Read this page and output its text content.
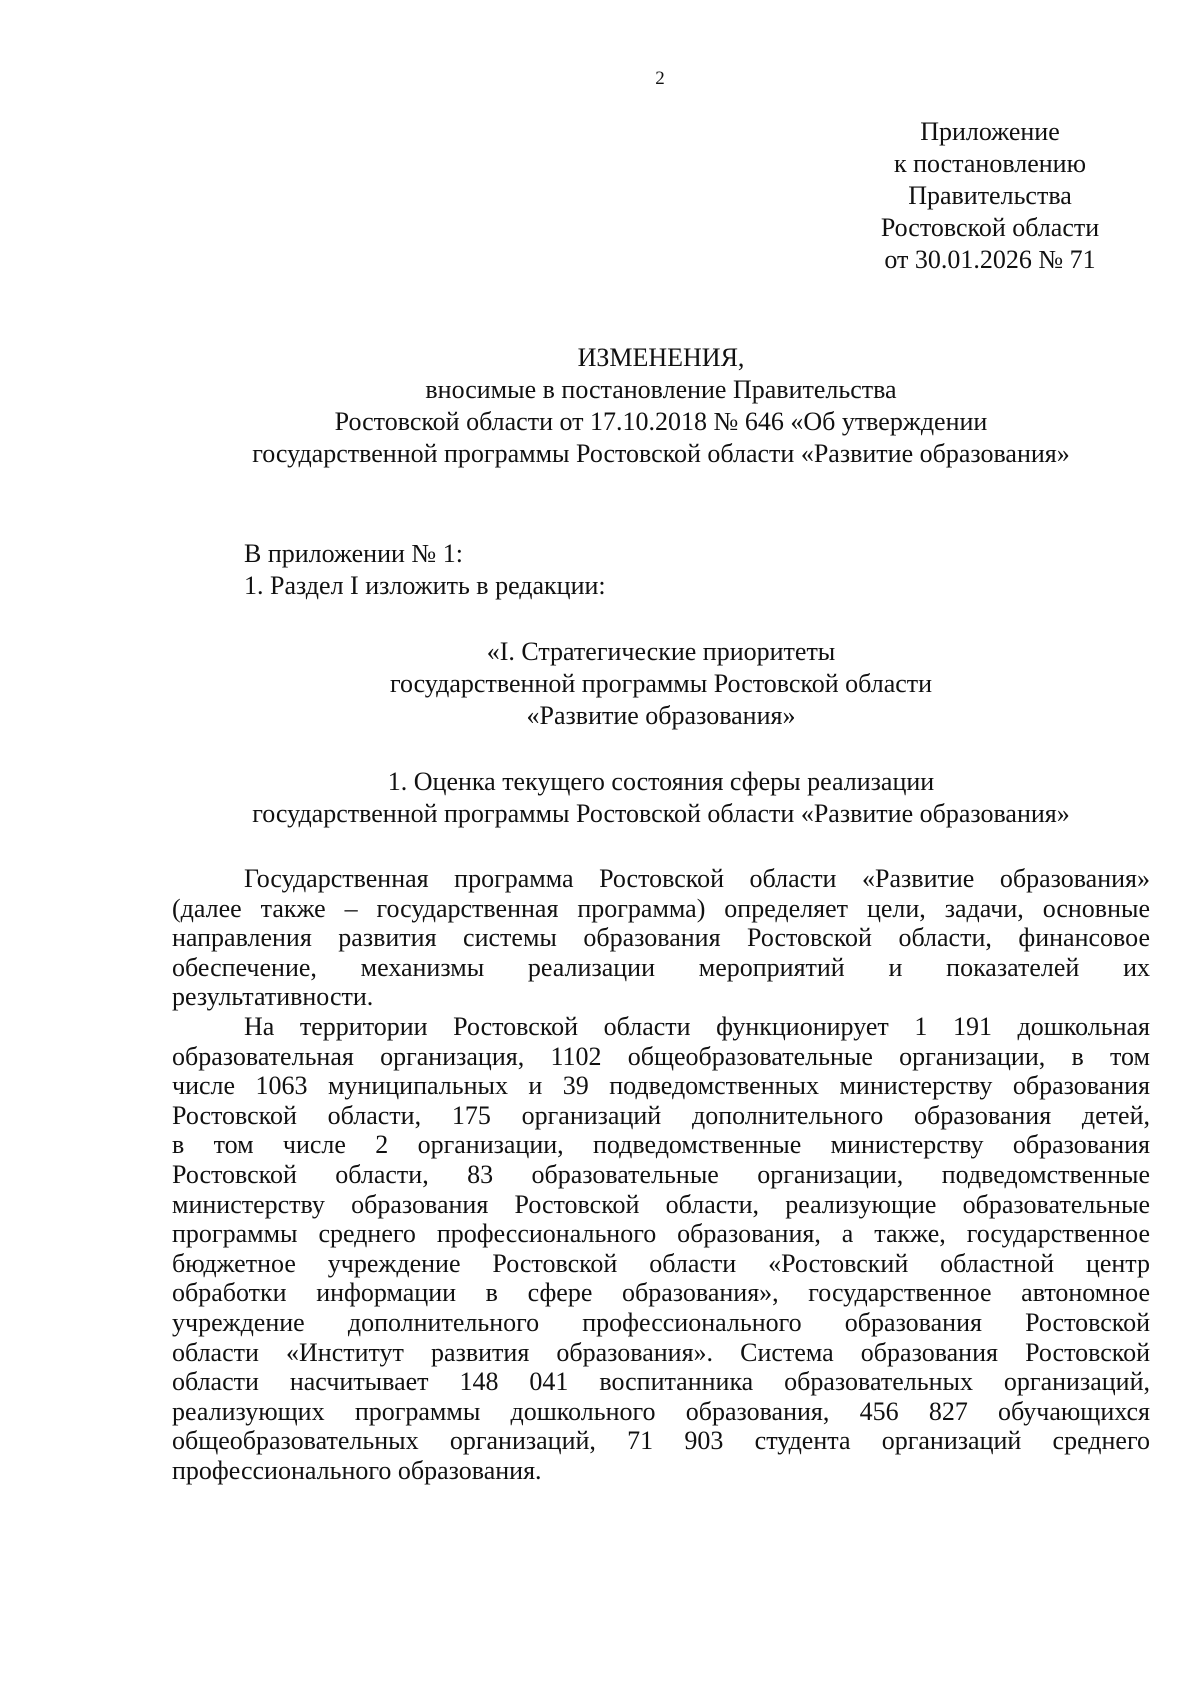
2
Приложение
к постановлению
Правительства
Ростовской области
от 30.01.2026 № 71
ИЗМЕНЕНИЯ,
вносимые в постановление Правительства
Ростовской области от 17.10.2018 № 646 «Об утверждении
государственной программы Ростовской области «Развитие образования»
В приложении № 1:
1. Раздел I изложить в редакции:
«I. Стратегические приоритеты
государственной программы Ростовской области
«Развитие образования»
1. Оценка текущего состояния сферы реализации
государственной программы Ростовской области «Развитие образования»
Государственная программа Ростовской области «Развитие образования»
(далее также – государственная программа) определяет цели, задачи, основные
направления развития системы образования Ростовской области, финансовое
обеспечение, механизмы реализации мероприятий и показателей их
результативности.
На территории Ростовской области функционирует 1 191 дошкольная
образовательная организация, 1102 общеобразовательные организации, в том
числе 1063 муниципальных и 39 подведомственных министерству образования
Ростовской области, 175 организаций дополнительного образования детей,
в том числе 2 организации, подведомственные министерству образования
Ростовской области, 83 образовательные организации, подведомственные
министерству образования Ростовской области, реализующие образовательные
программы среднего профессионального образования, а также, государственное
бюджетное учреждение Ростовской области «Ростовский областной центр
обработки информации в сфере образования», государственное автономное
учреждение дополнительного профессионального образования Ростовской
области «Институт развития образования». Система образования Ростовской
области насчитывает 148 041 воспитанника образовательных организаций,
реализующих программы дошкольного образования, 456 827 обучающихся
общеобразовательных организаций, 71 903 студента организаций среднего
профессионального образования.
